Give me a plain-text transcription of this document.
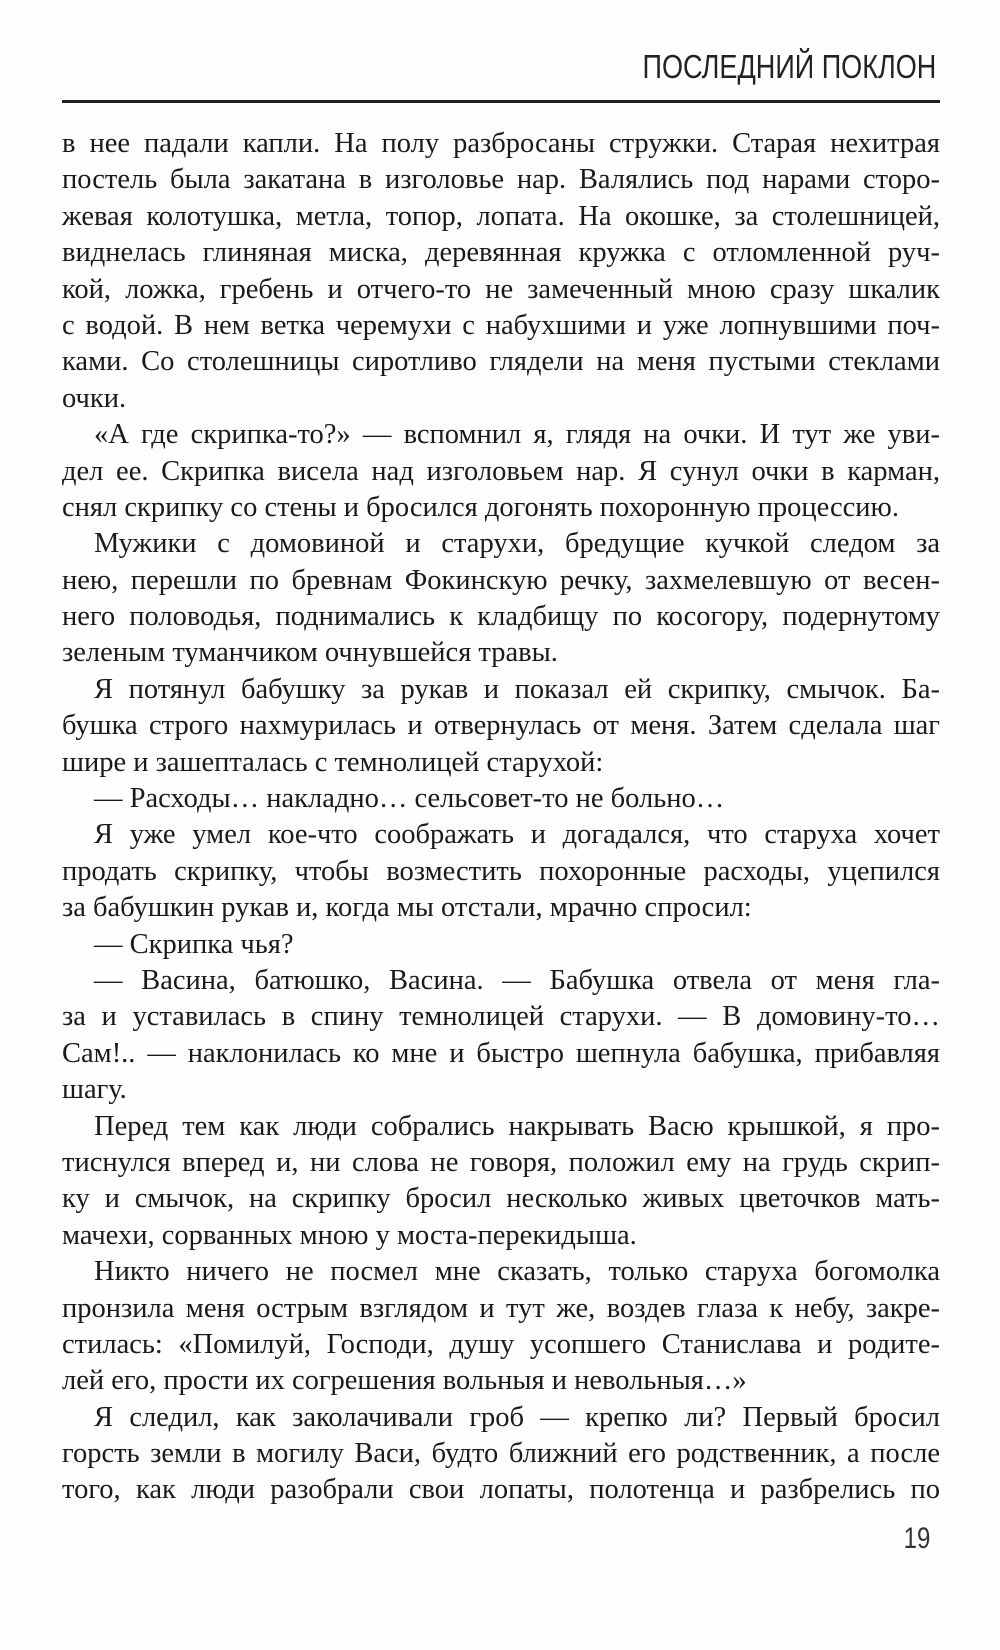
ПОСЛЕДНИЙ ПОКЛОН
в нее падали капли. На полу разбросаны стружки. Старая нехитрая
постель была закатана в изголовье нар. Валялись под нарами сторо-
жевая колотушка, метла, топор, лопата. На окошке, за столешницей,
виднелась глиняная миска, деревянная кружка с отломленной руч-
кой, ложка, гребень и отчего-то не замеченный мною сразу шкалик
с водой. В нем ветка черемухи с набухшими и уже лопнувшими поч-
ками. Со столешницы сиротливо глядели на меня пустыми стеклами
очки.
«А где скрипка-то?» — вспомнил я, глядя на очки. И тут же уви-
дел ее. Скрипка висела над изголовьем нар. Я сунул очки в карман,
снял скрипку со стены и бросился догонять похоронную процессию.
Мужики с домовиной и старухи, бредущие кучкой следом за
нею, перешли по бревнам Фокинскую речку, захмелевшую от весен-
него половодья, поднимались к кладбищу по косогору, подернутому
зеленым туманчиком очнувшейся травы.
Я потянул бабушку за рукав и показал ей скрипку, смычок. Ба-
бушка строго нахмурилась и отвернулась от меня. Затем сделала шаг
шире и зашепталась с темнолицей старухой:
— Расходы… накладно… сельсовет-то не больно…
Я уже умел кое-что соображать и догадался, что старуха хочет
продать скрипку, чтобы возместить похоронные расходы, уцепился
за бабушкин рукав и, когда мы отстали, мрачно спросил:
— Скрипка чья?
— Васина, батюшко, Васина. — Бабушка отвела от меня гла-
за и уставилась в спину темнолицей старухи. — В домовину-то…
Сам!.. — наклонилась ко мне и быстро шепнула бабушка, прибавляя
шагу.
Перед тем как люди собрались накрывать Васю крышкой, я про-
тиснулся вперед и, ни слова не говоря, положил ему на грудь скрип-
ку и смычок, на скрипку бросил несколько живых цветочков мать-
мачехи, сорванных мною у моста-перекидыша.
Никто ничего не посмел мне сказать, только старуха богомолка
пронзила меня острым взглядом и тут же, воздев глаза к небу, закре-
стилась: «Помилуй, Господи, душу усопшего Станислава и родите-
лей его, прости их согрешения вольныя и невольныя…»
Я следил, как заколачивали гроб — крепко ли? Первый бросил
горсть земли в могилу Васи, будто ближний его родственник, а после
того, как люди разобрали свои лопаты, полотенца и разбрелись по
19
